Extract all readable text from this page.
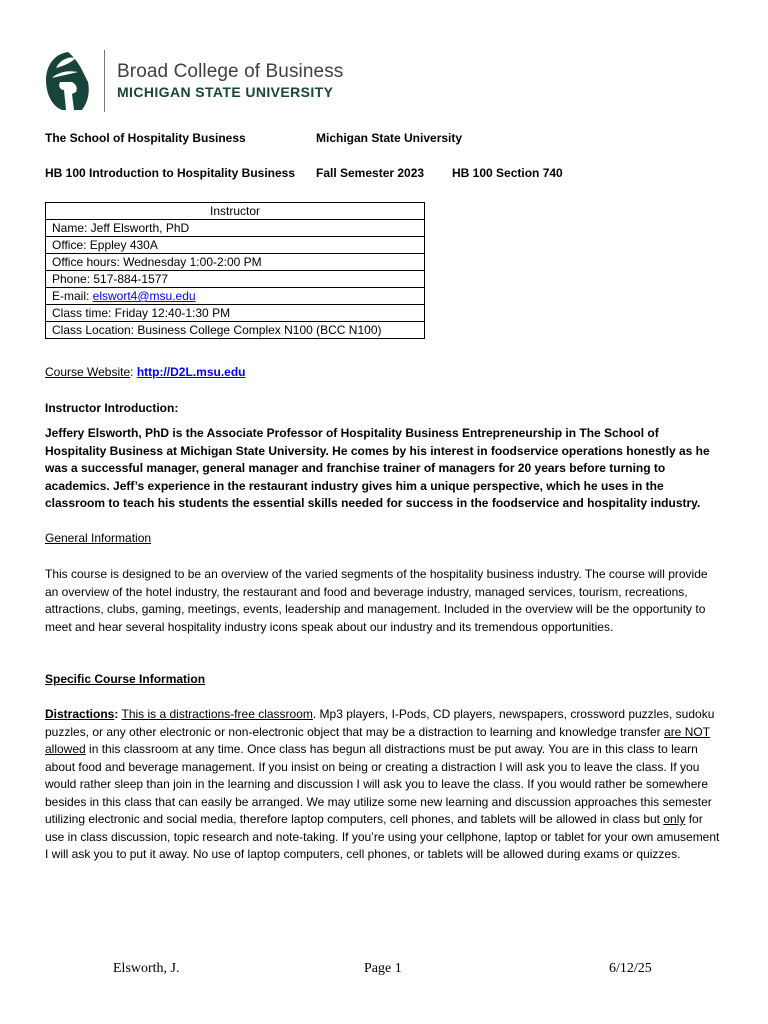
Broad College of Business
MICHIGAN STATE UNIVERSITY
The School of Hospitality Business	Michigan State University
HB 100 Introduction to Hospitality Business Fall Semester 2023 HB 100 Section 740
Instructor
Name: Jeff Elsworth, PhD
Office: Eppley 430A
Office hours: Wednesday 1:00-2:00 PM
Phone: 517-884-1577
E-mail: elswort4@msu.edu
Class time: Friday 12:40-1:30 PM
Class Location: Business College Complex N100 (BCC N100)
Course Website: http://D2L.msu.edu
Instructor Introduction:
Jeffery Elsworth, PhD is the Associate Professor of Hospitality Business Entrepreneurship in The School of Hospitality Business at Michigan State University. He comes by his interest in foodservice operations honestly as he was a successful manager, general manager and franchise trainer of managers for 20 years before turning to academics. Jeff’s experience in the restaurant industry gives him a unique perspective, which he uses in the classroom to teach his students the essential skills needed for success in the foodservice and hospitality industry.
General Information
This course is designed to be an overview of the varied segments of the hospitality business industry. The course will provide an overview of the hotel industry, the restaurant and food and beverage industry, managed services, tourism, recreations, attractions, clubs, gaming, meetings, events, leadership and management. Included in the overview will be the opportunity to meet and hear several hospitality industry icons speak about our industry and its tremendous opportunities.
Specific Course Information
Distractions: This is a distractions-free classroom. Mp3 players, I-Pods, CD players, newspapers, crossword puzzles, sudoku puzzles, or any other electronic or non-electronic object that may be a distraction to learning and knowledge transfer are NOT allowed in this classroom at any time. Once class has begun all distractions must be put away. You are in this class to learn about food and beverage management. If you insist on being or creating a distraction I will ask you to leave the class. If you would rather sleep than join in the learning and discussion I will ask you to leave the class. If you would rather be somewhere besides in this class that can easily be arranged. We may utilize some new learning and discussion approaches this semester utilizing electronic and social media, therefore laptop computers, cell phones, and tablets will be allowed in class but only for use in class discussion, topic research and note-taking. If you’re using your cellphone, laptop or tablet for your own amusement I will ask you to put it away. No use of laptop computers, cell phones, or tablets will be allowed during exams or quizzes.
Elsworth, J.	Page 1	6/12/25
